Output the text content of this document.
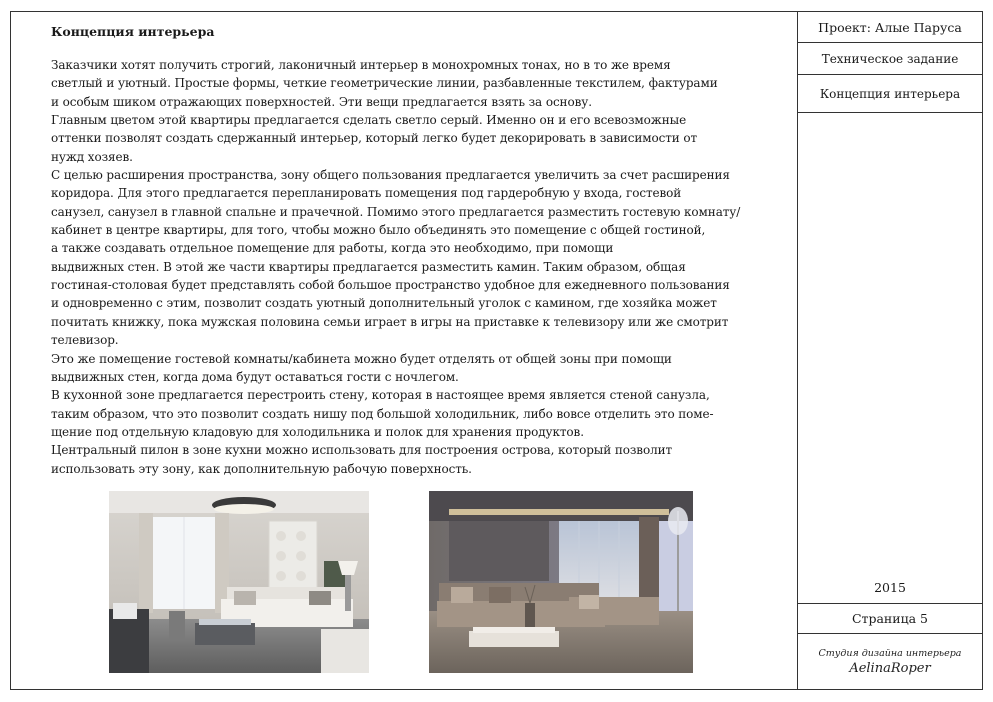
Концепция интерьера
Заказчики хотят получить строгий, лаконичный интерьер в монохромных тонах, но в то же время
светлый и уютный. Простые формы, четкие геометрические линии, разбавленные текстилем, фактурами
и особым шиком отражающих поверхностей. Эти вещи предлагается взять за основу.
Главным цветом этой квартиры предлагается сделать светло серый. Именно он и его всевозможные
оттенки позволят создать сдержанный интерьер, который легко будет декорировать в зависимости от
нужд хозяев.
С целью расширения пространства, зону общего пользования предлагается увеличить за счет расширения
коридора. Для этого предлагается перепланировать помещения под гардеробную у входа, гостевой
санузел, санузел в главной спальне и прачечной. Помимо этого предлагается разместить гостевую комнату/
кабинет в центре квартиры, для того, чтобы можно было объединять это помещение с общей гостиной,
а также создавать отдельное помещение для работы, когда это необходимо, при помощи
выдвижных стен. В этой же части квартиры предлагается разместить камин. Таким образом, общая
гостиная-столовая будет представлять собой большое пространство удобное для ежедневного пользования
и одновременно с этим, позволит создать уютный дополнительный уголок с камином, где хозяйка может
почитать книжку, пока мужская половина семьи играет в игры на приставке к телевизору или же смотрит
телевизор.
Это же помещение гостевой комнаты/кабинета можно будет отделять от общей зоны при помощи
выдвижных стен, когда дома будут оставаться гости с ночлегом.
В кухонной зоне предлагается перестроить стену, которая в настоящее время является стеной санузла,
таким образом, что это позволит создать нишу под большой холодильник, либо вовсе отделить это поме-
щение под отдельную кладовую для холодильника и полок для хранения продуктов.
Центральный пилон в зоне кухни можно использовать для построения острова, который позволит
использовать эту зону, как дополнительную рабочую поверхность.
Проект: Алые Паруса
Техническое задание
Концепция интерьера
2015
Страница 5
Студия дизайна интерьера
AelinaRoper
